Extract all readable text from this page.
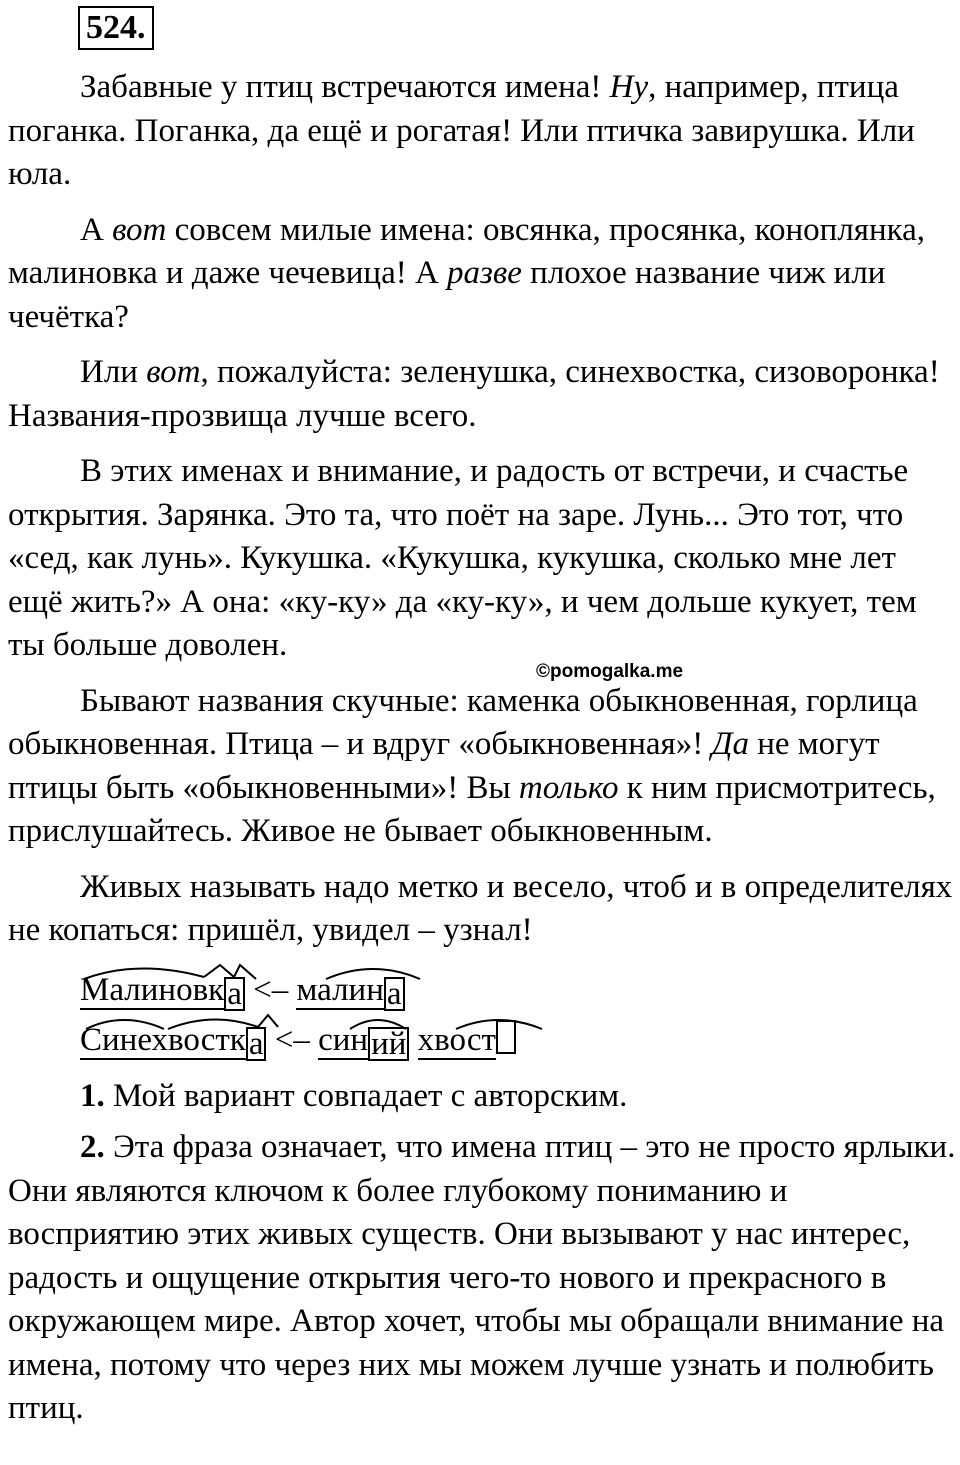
524.

Забавные у птиц встречаются имена! Ну, например, птица поганка. Поганка, да ещё и рогатая! Или птичка завирушка. Или юла.

А вот совсем милые имена: овсянка, просянка, коноплянка, малиновка и даже чечевица! А разве плохое название чиж или чечётка?

Или вот, пожалуйста: зеленушка, синехвостка, сизоворонка! Названия-прозвища лучше всего.

В этих именах и внимание, и радость от встречи, и счастье открытия. Зарянка. Это та, что поёт на заре. Лунь... Это тот, что «сед, как лунь». Кукушка. «Кукушка, кукушка, сколько мне лет ещё жить?» А она: «ку-ку» да «ку-ку», и чем дольше кукует, тем ты больше доволен.

Бывают названия скучные: каменка обыкновенная, горлица обыкновенная. Птица – и вдруг «обыкновенная»! Да не могут птицы быть «обыкновенными»! Вы только к ним присмотритесь, прислушайтесь. Живое не бывает обыкновенным.

Живых называть надо метко и весело, чтоб и в определителях не копаться: пришёл, увидел – узнал!

Малиновка <– малина
Синехвостка <– синий хвост

1. Мой вариант совпадает с авторским.

2. Эта фраза означает, что имена птиц – это не просто ярлыки. Они являются ключом к более глубокому пониманию и восприятию этих живых существ. Они вызывают у нас интерес, радость и ощущение открытия чего-то нового и прекрасного в окружающем мире. Автор хочет, чтобы мы обращали внимание на имена, потому что через них мы можем лучше узнать и полюбить птиц.

©pomogalka.me
